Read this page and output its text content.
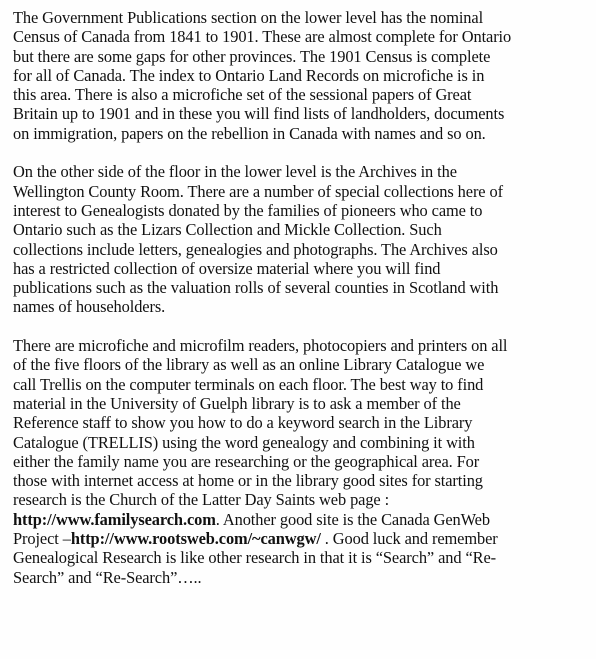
The Government Publications section on the lower level has the nominal
Census of Canada from 1841 to 1901. These are almost complete for Ontario
but there are some gaps for other provinces. The 1901 Census is complete
for all of Canada. The index to Ontario Land Records on microfiche is in
this area. There is also a microfiche set of the sessional papers of Great
Britain up to 1901 and in these you will find lists of landholders, documents
on immigration, papers on the rebellion in Canada with names and so on.

On the other side of the floor in the lower level is the Archives in the
Wellington County Room. There are a number of special collections here of
interest to Genealogists donated by the families of pioneers who came to
Ontario such as the Lizars Collection and Mickle Collection. Such
collections include letters, genealogies and photographs. The Archives also
has a restricted collection of oversize material where you will find
publications such as the valuation rolls of several counties in Scotland with
names of householders.

There are microfiche and microfilm readers, photocopiers and printers on all
of the five floors of the library as well as an online Library Catalogue we
call Trellis on the computer terminals on each floor. The best way to find
material in the University of Guelph library is to ask a member of the
Reference staff to show you how to do a keyword search in the Library
Catalogue (TRELLIS) using the word genealogy and combining it with
either the family name you are researching or the geographical area. For
those with internet access at home or in the library good sites for starting
research is the Church of the Latter Day Saints web page :
http://www.familysearch.com. Another good site is the Canada GenWeb
Project –http://www.rootsweb.com/~canwgw/ . Good luck and remember
Genealogical Research is like other research in that it is “Search” and “Re-
Search” and “Re-Search”…..
